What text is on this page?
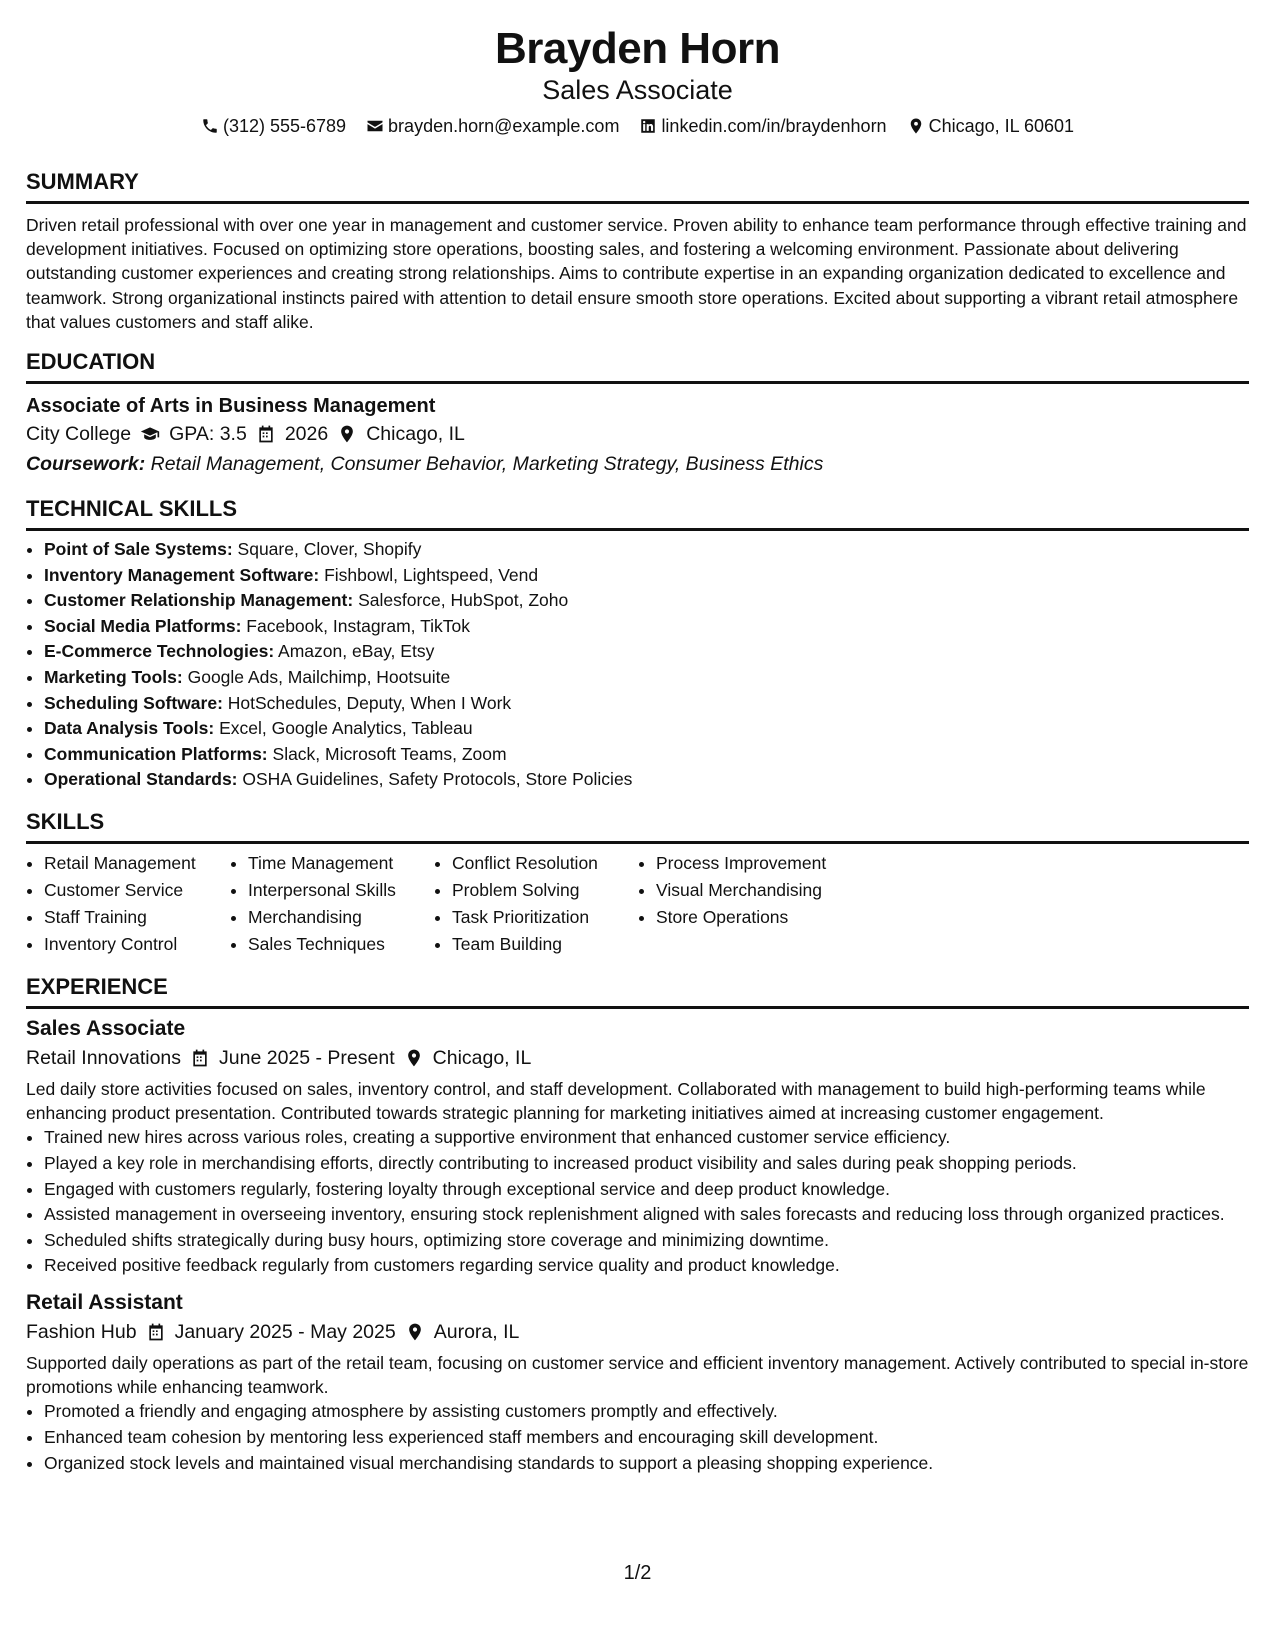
Brayden Horn
Sales Associate
(312) 555-6789 brayden.horn@example.com linkedin.com/in/braydenhorn Chicago, IL 60601
SUMMARY

Driven retail professional with over one year in management and customer service. Proven ability to enhance team performance through effective training and development initiatives. Focused on optimizing store operations, boosting sales, and fostering a welcoming environment. Passionate about delivering outstanding customer experiences and creating strong relationships. Aims to contribute expertise in an expanding organization dedicated to excellence and teamwork. Strong organizational instincts paired with attention to detail ensure smooth store operations. Excited about supporting a vibrant retail atmosphere that values customers and staff alike.

EDUCATION
Associate of Arts in Business Management
City College GPA: 3.5 2026 Chicago, IL
Coursework: Retail Management, Consumer Behavior, Marketing Strategy, Business Ethics
TECHNICAL SKILLS
• Point of Sale Systems: Square, Clover, Shopify
• Inventory Management Software: Fishbowl, Lightspeed, Vend
• Customer Relationship Management: Salesforce, HubSpot, Zoho
• Social Media Platforms: Facebook, Instagram, TikTok
• E-Commerce Technologies: Amazon, eBay, Etsy
• Marketing Tools: Google Ads, Mailchimp, Hootsuite
• Scheduling Software: HotSchedules, Deputy, When I Work
• Data Analysis Tools: Excel, Google Analytics, Tableau
• Communication Platforms: Slack, Microsoft Teams, Zoom
• Operational Standards: OSHA Guidelines, Safety Protocols, Store Policies
SKILLS
• Retail Management
• Customer Service
• Staff Training
• Inventory Control
• Time Management
• Interpersonal Skills
• Merchandising
• Sales Techniques
• Conflict Resolution
• Problem Solving
• Task Prioritization
• Team Building
• Process Improvement
• Visual Merchandising
• Store Operations
EXPERIENCE
Sales Associate
Retail Innovations June 2025 - Present Chicago, IL

Led daily store activities focused on sales, inventory control, and staff development. Collaborated with management to build high-performing teams while enhancing product presentation. Contributed towards strategic planning for marketing initiatives aimed at increasing customer engagement.

• Trained new hires across various roles, creating a supportive environment that enhanced customer service efficiency.
• Played a key role in merchandising efforts, directly contributing to increased product visibility and sales during peak shopping periods.
• Engaged with customers regularly, fostering loyalty through exceptional service and deep product knowledge.
• Assisted management in overseeing inventory, ensuring stock replenishment aligned with sales forecasts and reducing loss through organized practices.
• Scheduled shifts strategically during busy hours, optimizing store coverage and minimizing downtime.
• Received positive feedback regularly from customers regarding service quality and product knowledge.
Retail Assistant
Fashion Hub January 2025 - May 2025 Aurora, IL

Supported daily operations as part of the retail team, focusing on customer service and efficient inventory management. Actively contributed to special in-store promotions while enhancing teamwork.

• Promoted a friendly and engaging atmosphere by assisting customers promptly and effectively.
• Enhanced team cohesion by mentoring less experienced staff members and encouraging skill development.
• Organized stock levels and maintained visual merchandising standards to support a pleasing shopping experience.
1/2
